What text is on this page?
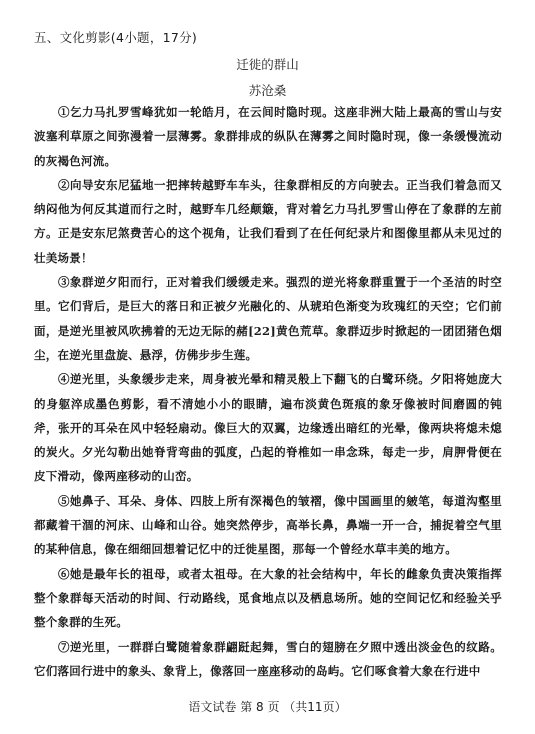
五、文化剪影(4小题，17分)
迁徙的群山
苏沧桑

①乞力马扎罗雪峰犹如一轮皓月，在云间时隐时现。这座非洲大陆上最高的雪山与安波塞利草原之间弥漫着一层薄雾。象群排成的纵队在薄雾之间时隐时现，像一条缓慢流动的灰褐色河流。

②向导安东尼猛地一把摔转越野车车头，往象群相反的方向驶去。正当我们着急而又纳闷他为何反其道而行之时，越野车几经颠簸，背对着乞力马扎罗雪山停在了象群的左前方。正是安东尼煞费苦心的这个视角，让我们看到了在任何纪录片和图像里都从未见过的壮美场景！

③象群逆夕阳而行，正对着我们缓缓走来。强烈的逆光将象群重置于一个圣洁的时空里。它们背后，是巨大的落日和正被夕光融化的、从琥珀色渐变为玫瑰红的天空；它们前面，是逆光里被风吹拂着的无边无际的赭[22]黄色荒草。象群迈步时掀起的一团团猪色烟尘，在逆光里盘旋、悬浮，仿佛步步生莲。

④逆光里，头象缓步走来，周身被光晕和精灵般上下翻飞的白鹭环绕。夕阳将她庞大的身躯淬成墨色剪影，看不清她小小的眼睛，遍布淡黄色斑痕的象牙像被时间磨圆的钝斧，张开的耳朵在风中轻轻扇动。像巨大的双翼，边缘透出暗红的光晕，像两块将熄未熄的炭火。夕光勾勒出她脊背弯曲的弧度，凸起的脊椎如一串念珠，每走一步，肩胛骨便在皮下滑动，像两座移动的山峦。

⑤她鼻子、耳朵、身体、四肢上所有深褐色的皱褶，像中国画里的皴笔，每道沟壑里都藏着干涸的河床、山峰和山谷。她突然停步，高举长鼻，鼻端一开一合，捕捉着空气里的某种信息，像在细细回想着记忆中的迁徙星图，那每一个曾经水草丰美的地方。

⑥她是最年长的祖母，或者太祖母。在大象的社会结构中，年长的雌象负责决策指挥整个象群每天活动的时间、行动路线，觅食地点以及栖息场所。她的空间记忆和经验关乎整个象群的生死。

⑦逆光里，一群群白鹭随着象群翩跹起舞，雪白的翅膀在夕照中透出淡金色的纹路。它们落回行进中的象头、象背上，像落回一座座移动的岛屿。它们啄食着大象在行进中

语文试卷 第 8 页 （共11页）
